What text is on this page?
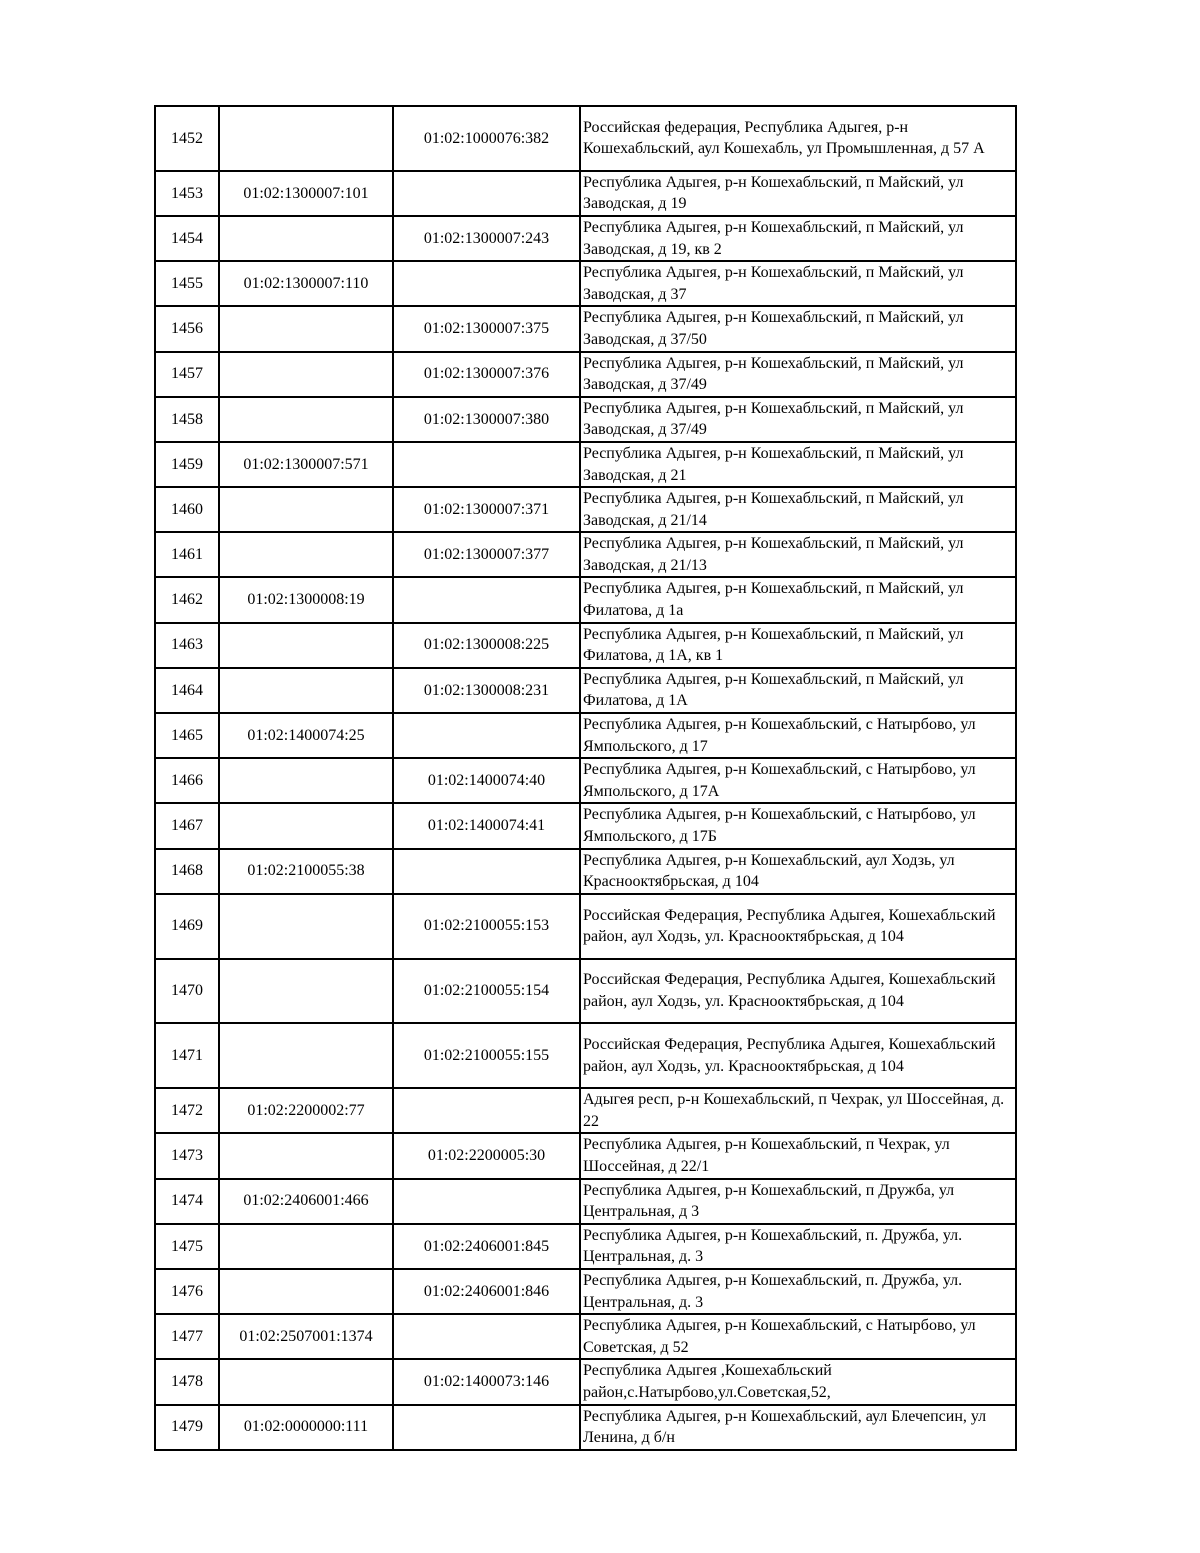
1452		01:02:1000076:382	Российская федерация, Республика Адыгея, р-н Кошехабльский, аул Кошехабль, ул Промышленная, д 57 А
1453	01:02:1300007:101		Республика Адыгея, р-н Кошехабльский, п Майский, ул Заводская, д 19
1454		01:02:1300007:243	Республика Адыгея, р-н Кошехабльский, п Майский, ул Заводская, д 19, кв 2
1455	01:02:1300007:110		Республика Адыгея, р-н Кошехабльский, п Майский, ул Заводская, д 37
1456		01:02:1300007:375	Республика Адыгея, р-н Кошехабльский, п Майский, ул Заводская, д 37/50
1457		01:02:1300007:376	Республика Адыгея, р-н Кошехабльский, п Майский, ул Заводская, д 37/49
1458		01:02:1300007:380	Республика Адыгея, р-н Кошехабльский, п Майский, ул Заводская, д 37/49
1459	01:02:1300007:571		Республика Адыгея, р-н Кошехабльский, п Майский, ул Заводская, д 21
1460		01:02:1300007:371	Республика Адыгея, р-н Кошехабльский, п Майский, ул Заводская, д 21/14
1461		01:02:1300007:377	Республика Адыгея, р-н Кошехабльский, п Майский, ул Заводская, д 21/13
1462	01:02:1300008:19		Республика Адыгея, р-н Кошехабльский, п Майский, ул Филатова, д 1а
1463		01:02:1300008:225	Республика Адыгея, р-н Кошехабльский, п Майский, ул Филатова, д 1А, кв 1
1464		01:02:1300008:231	Республика Адыгея, р-н Кошехабльский, п Майский, ул Филатова, д 1А
1465	01:02:1400074:25		Республика Адыгея, р-н Кошехабльский, с Натырбово, ул Ямпольского, д 17
1466		01:02:1400074:40	Республика Адыгея, р-н Кошехабльский, с Натырбово, ул Ямпольского, д 17А
1467		01:02:1400074:41	Республика Адыгея, р-н Кошехабльский, с Натырбово, ул Ямпольского, д 17Б
1468	01:02:2100055:38		Республика Адыгея, р-н Кошехабльский, аул Ходзь, ул Краснооктябрьская, д 104
1469		01:02:2100055:153	Российская Федерация, Республика Адыгея, Кошехабльский район, аул Ходзь, ул. Краснооктябрьская, д 104
1470		01:02:2100055:154	Российская Федерация, Республика Адыгея, Кошехабльский район, аул Ходзь, ул. Краснооктябрьская, д 104
1471		01:02:2100055:155	Российская Федерация, Республика Адыгея, Кошехабльский район, аул Ходзь, ул. Краснооктябрьская, д 104
1472	01:02:2200002:77		Адыгея респ, р-н Кошехабльский, п Чехрак, ул Шоссейная, д. 22
1473		01:02:2200005:30	Республика Адыгея, р-н Кошехабльский, п Чехрак, ул Шоссейная, д 22/1
1474	01:02:2406001:466		Республика Адыгея, р-н Кошехабльский, п Дружба, ул Центральная, д 3
1475		01:02:2406001:845	Республика Адыгея, р-н Кошехабльский, п. Дружба, ул. Центральная, д. 3
1476		01:02:2406001:846	Республика Адыгея, р-н Кошехабльский, п. Дружба, ул. Центральная, д. 3
1477	01:02:2507001:1374		Республика Адыгея, р-н Кошехабльский, с Натырбово, ул Советская, д 52
1478		01:02:1400073:146	Республика Адыгея ,Кошехабльский район,с.Натырбово,ул.Советская,52,
1479	01:02:0000000:111		Республика Адыгея, р-н Кошехабльский, аул Блечепсин, ул Ленина, д б/н
